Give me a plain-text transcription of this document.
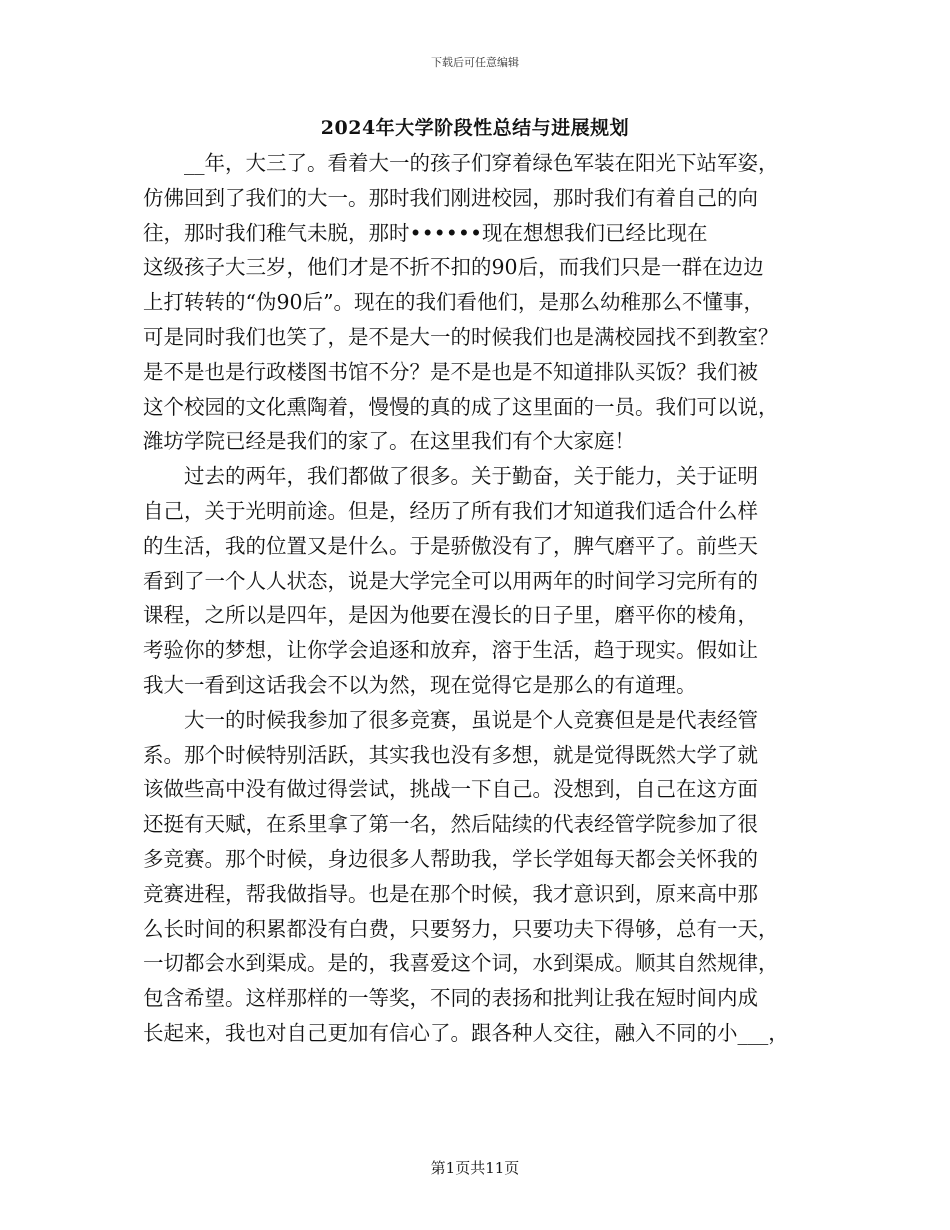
下载后可任意编辑
2024年大学阶段性总结与进展规划
__年，大三了。看着大一的孩子们穿着绿色军装在阳光下站军姿，
仿佛回到了我们的大一。那时我们刚进校园，那时我们有着自己的向
往，那时我们稚气未脱，那时••••••现在想想我们已经比现在
这级孩子大三岁，他们才是不折不扣的90后，而我们只是一群在边边
上打转转的“伪90后”。现在的我们看他们，是那么幼稚那么不懂事，
可是同时我们也笑了，是不是大一的时候我们也是满校园找不到教室？
是不是也是行政楼图书馆不分？是不是也是不知道排队买饭？我们被
这个校园的文化熏陶着，慢慢的真的成了这里面的一员。我们可以说，
潍坊学院已经是我们的家了。在这里我们有个大家庭！
过去的两年，我们都做了很多。关于勤奋，关于能力，关于证明
自己，关于光明前途。但是，经历了所有我们才知道我们适合什么样
的生活，我的位置又是什么。于是骄傲没有了，脾气磨平了。前些天
看到了一个人人状态，说是大学完全可以用两年的时间学习完所有的
课程，之所以是四年，是因为他要在漫长的日子里，磨平你的棱角，
考验你的梦想，让你学会追逐和放弃，溶于生活，趋于现实。假如让
我大一看到这话我会不以为然，现在觉得它是那么的有道理。
大一的时候我参加了很多竞赛，虽说是个人竞赛但是是代表经管
系。那个时候特别活跃，其实我也没有多想，就是觉得既然大学了就
该做些高中没有做过得尝试，挑战一下自己。没想到，自己在这方面
还挺有天赋，在系里拿了第一名，然后陆续的代表经管学院参加了很
多竞赛。那个时候，身边很多人帮助我，学长学姐每天都会关怀我的
竞赛进程，帮我做指导。也是在那个时候，我才意识到，原来高中那
么长时间的积累都没有白费，只要努力，只要功夫下得够，总有一天，
一切都会水到渠成。是的，我喜爱这个词，水到渠成。顺其自然规律，
包含希望。这样那样的一等奖，不同的表扬和批判让我在短时间内成
长起来，我也对自己更加有信心了。跟各种人交往，融入不同的小___，
第1页共11页
